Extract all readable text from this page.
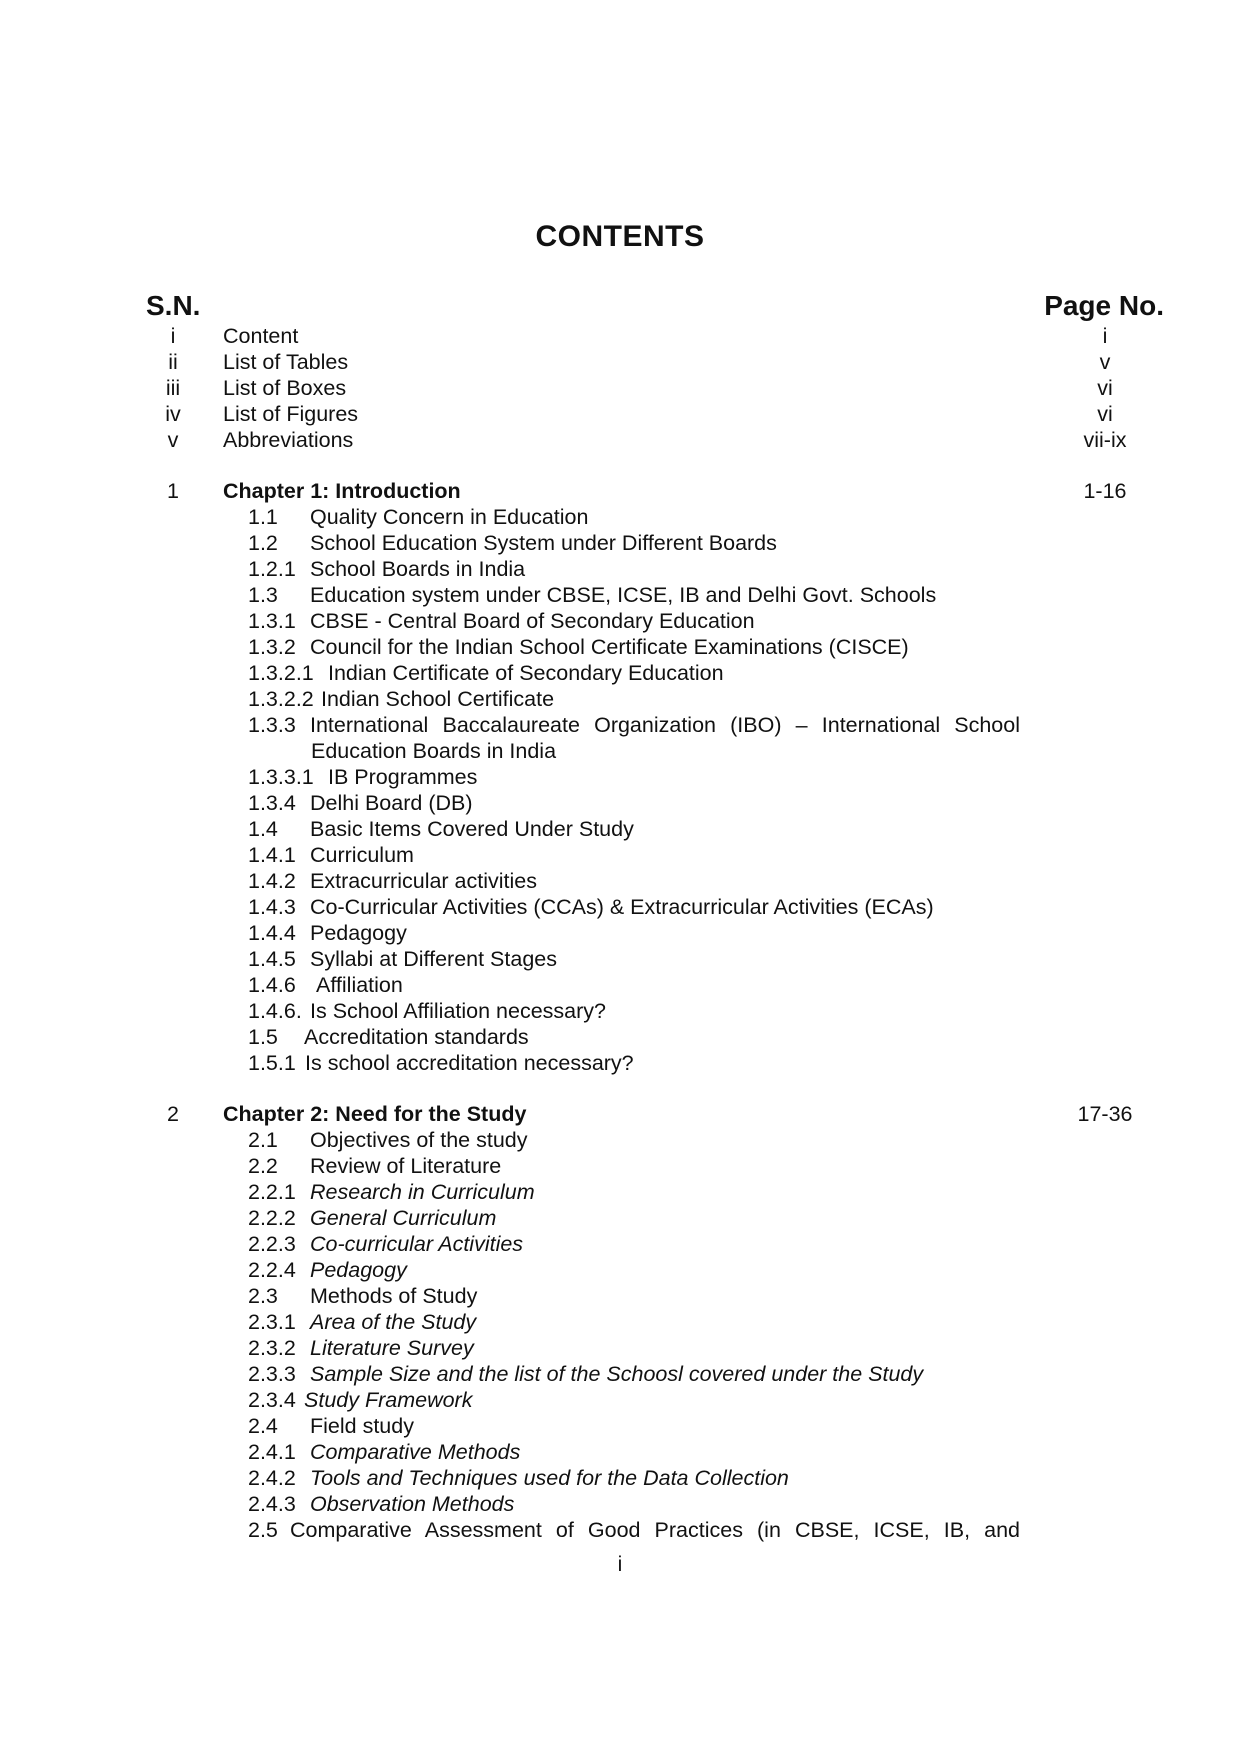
CONTENTS
S.N.	Page No.
i	Content	i
ii	List of Tables	v
iii	List of Boxes	vi
iv	List of Figures	vi
v	Abbreviations	vii-ix
1	Chapter 1: Introduction	1-16
1.1 Quality Concern in Education
1.2 School Education System under Different Boards
1.2.1 School Boards in India
1.3 Education system under CBSE, ICSE, IB and Delhi Govt. Schools
1.3.1 CBSE - Central Board of Secondary Education
1.3.2 Council for the Indian School Certificate Examinations (CISCE)
1.3.2.1 Indian Certificate of Secondary Education
1.3.2.2 Indian School Certificate
1.3.3 International Baccalaureate Organization (IBO) – International School
Education Boards in India
1.3.3.1 IB Programmes
1.3.4 Delhi Board (DB)
1.4 Basic Items Covered Under Study
1.4.1 Curriculum
1.4.2 Extracurricular activities
1.4.3 Co-Curricular Activities (CCAs) & Extracurricular Activities (ECAs)
1.4.4 Pedagogy
1.4.5 Syllabi at Different Stages
1.4.6 Affiliation
1.4.6. Is School Affiliation necessary?
1.5 Accreditation standards
1.5.1 Is school accreditation necessary?
2	Chapter 2: Need for the Study	17-36
2.1 Objectives of the study
2.2 Review of Literature
2.2.1 Research in Curriculum
2.2.2 General Curriculum
2.2.3 Co-curricular Activities
2.2.4 Pedagogy
2.3 Methods of Study
2.3.1 Area of the Study
2.3.2 Literature Survey
2.3.3 Sample Size and the list of the Schoosl covered under the Study
2.3.4 Study Framework
2.4 Field study
2.4.1 Comparative Methods
2.4.2 Tools and Techniques used for the Data Collection
2.4.3 Observation Methods
2.5 Comparative Assessment of Good Practices (in CBSE, ICSE, IB, and
i
